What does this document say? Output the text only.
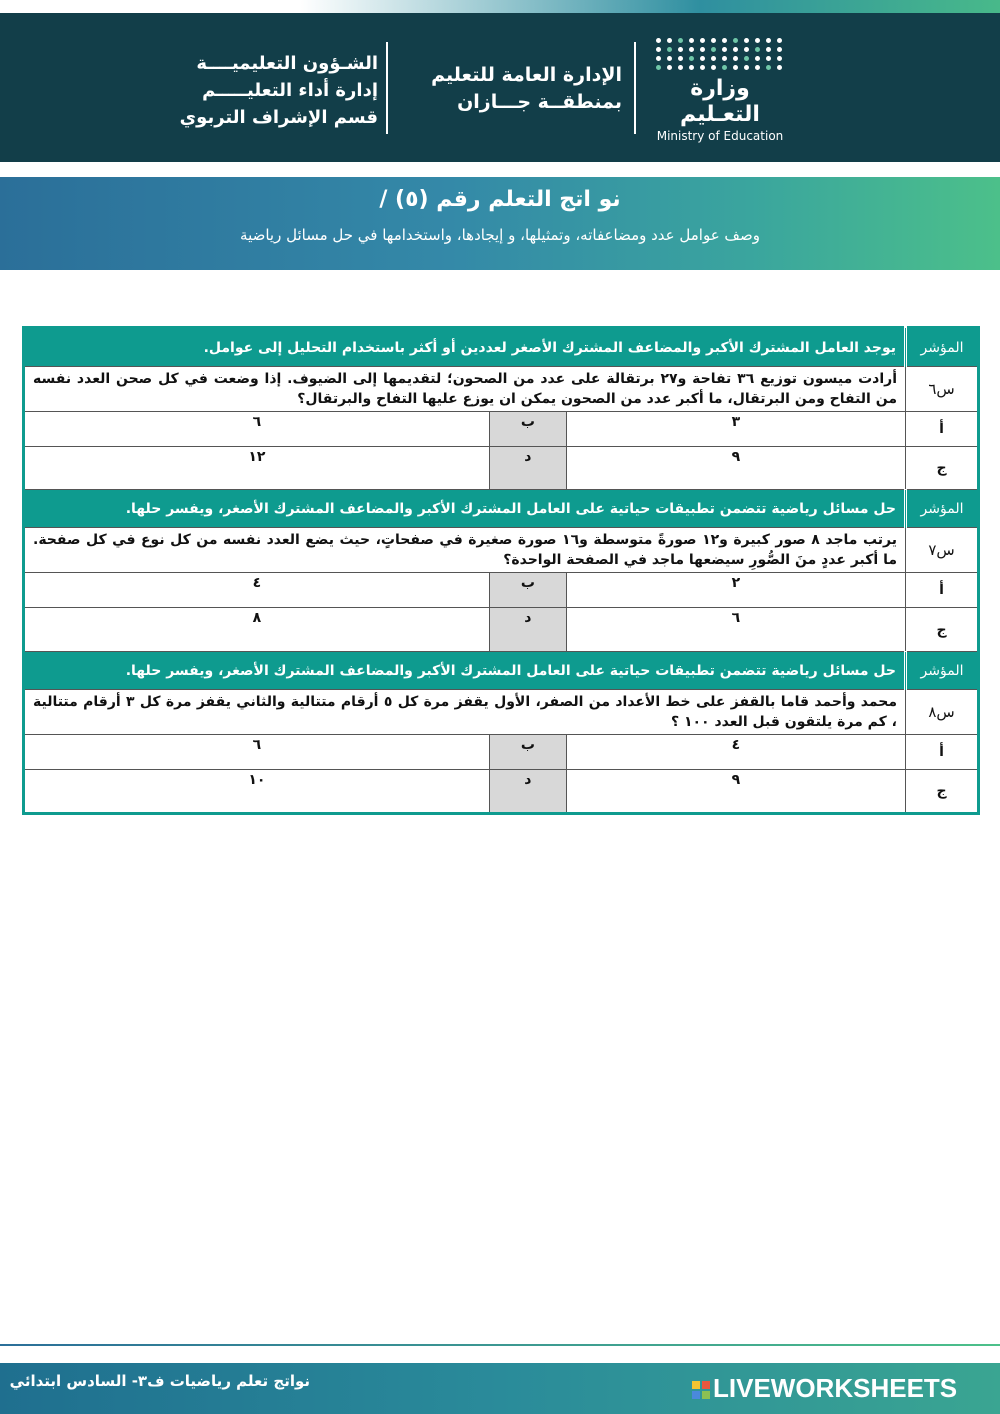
وزارة التعـليم
Ministry of Education
الإدارة العامة للتعليم
بمنطقــة جـــازان
الشـؤون التعليميــــة
إدارة أداء التعليـــــم
قسم الإشراف التربوي
نو اتج التعلم رقم (٥) /
وصف عوامل عدد ومضاعفاته، وتمثيلها، و إيجادها، واستخدامها في حل مسائل رياضية
المؤشر	يوجد العامل المشترك الأكبر والمضاعف المشترك الأصغر لعددين أو أكثر باستخدام التحليل إلى عوامل.		
س٦	أرادت ميسون توزيع ٣٦ تفاحة و٢٧ برتقالة على عدد من الصحون؛ لتقديمها إلى الضيوف. إذا وضعت في كل صحن العدد نفسه من التفاح ومن البرتقال، ما أكبر عدد من الصحون يمكن ان يوزع عليها التفاح والبرتقال؟		
أ	٣	ب	٦
ج	٩	د	١٢
المؤشر	حل مسائل رياضية تتضمن تطبيقات حياتية على العامل المشترك الأكبر والمضاعف المشترك الأصغر، ويفسر حلها.		
س٧	يرتب ماجد ٨ صور كبيرة و١٢ صورةً متوسطة و١٦ صورة صغيرة في صفحاتٍ، حيث يضع العدد نفسه من كل نوع في كل صفحة. ما أكبر عددٍ منَ الصُّورِ سيضعها ماجد في الصفحة الواحدة؟		
أ	٢	ب	٤
ج	٦	د	٨
المؤشر	حل مسائل رياضية تتضمن تطبيقات حياتية على العامل المشترك الأكبر والمضاعف المشترك الأصغر، ويفسر حلها.		
س٨	محمد وأحمد قاما بالقفز على خط الأعداد من الصفر، الأول يقفز مرة كل ٥ أرقام متتالية والثاني يقفز مرة كل ٣ أرقام متتالية ، كم مرة يلتقون قبل العدد ١٠٠ ؟		
أ	٤	ب	٦
ج	٩	د	١٠
نواتج تعلم رياضيات ف٣- السادس ابتدائي	LIVEWORKSHEETS
